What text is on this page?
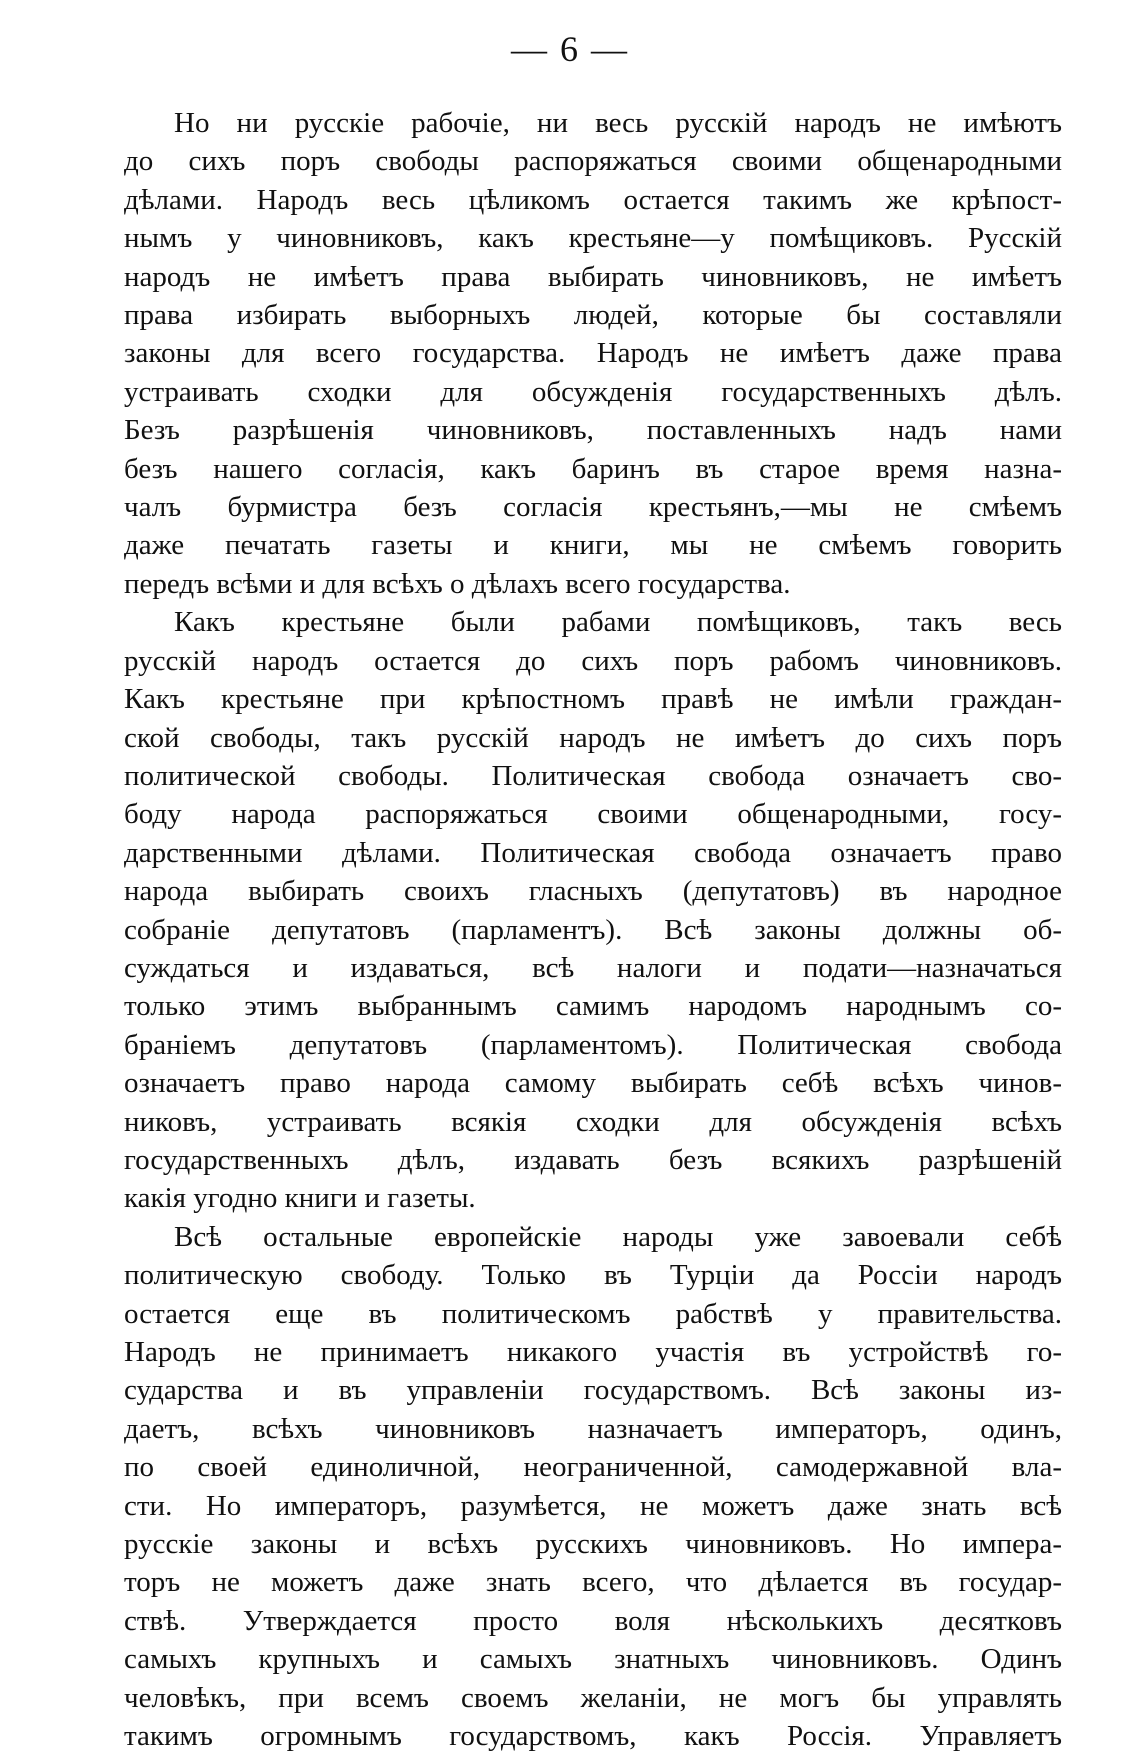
— 6 —
Но ни русскіе рабочіе, ни весь русскій народъ не имѣютъ
до сихъ поръ свободы распоряжаться своими общенародными
дѣлами. Народъ весь цѣликомъ остается такимъ же крѣпост-
нымъ у чиновниковъ, какъ крестьяне—у помѣщиковъ. Русскій
народъ не имѣетъ права выбирать чиновниковъ, не имѣетъ
права избирать выборныхъ людей, которые бы составляли
законы для всего государства. Народъ не имѣетъ даже права
устраивать сходки для обсужденія государственныхъ дѣлъ.
Безъ разрѣшенія чиновниковъ, поставленныхъ надъ нами
безъ нашего согласія, какъ баринъ въ старое время назна-
чалъ бурмистра безъ согласія крестьянъ,—мы не смѣемъ
даже печатать газеты и книги, мы не смѣемъ говорить
передъ всѣми и для всѣхъ о дѣлахъ всего государства.
Какъ крестьяне были рабами помѣщиковъ, такъ весь
русскій народъ остается до сихъ поръ рабомъ чиновниковъ.
Какъ крестьяне при крѣпостномъ правѣ не имѣли граждан-
ской свободы, такъ русскій народъ не имѣетъ до сихъ поръ
политической свободы. Политическая свобода означаетъ сво-
боду народа распоряжаться своими общенародными, госу-
дарственными дѣлами. Политическая свобода означаетъ право
народа выбирать своихъ гласныхъ (депутатовъ) въ народное
собраніе депутатовъ (парламентъ). Всѣ законы должны об-
суждаться и издаваться, всѣ налоги и подати—назначаться
только этимъ выбраннымъ самимъ народомъ народнымъ со-
браніемъ депутатовъ (парламентомъ). Политическая свобода
означаетъ право народа самому выбирать себѣ всѣхъ чинов-
никовъ, устраивать всякія сходки для обсужденія всѣхъ
государственныхъ дѣлъ, издавать безъ всякихъ разрѣшеній
какія угодно книги и газеты.
Всѣ остальные европейскіе народы уже завоевали себѣ
политическую свободу. Только въ Турціи да Россіи народъ
остается еще въ политическомъ рабствѣ у правительства.
Народъ не принимаетъ никакого участія въ устройствѣ го-
сударства и въ управленіи государствомъ. Всѣ законы из-
даетъ, всѣхъ чиновниковъ назначаетъ императоръ, одинъ,
по своей единоличной, неограниченной, самодержавной вла-
сти. Но императоръ, разумѣется, не можетъ даже знать всѣ
русскіе законы и всѣхъ русскихъ чиновниковъ. Но импера-
торъ не можетъ даже знать всего, что дѣлается въ государ-
ствѣ. Утверждается просто воля нѣсколькихъ десятковъ
самыхъ крупныхъ и самыхъ знатныхъ чиновниковъ. Одинъ
человѣкъ, при всемъ своемъ желаніи, не могъ бы управлять
такимъ огромнымъ государствомъ, какъ Россія. Управляетъ
